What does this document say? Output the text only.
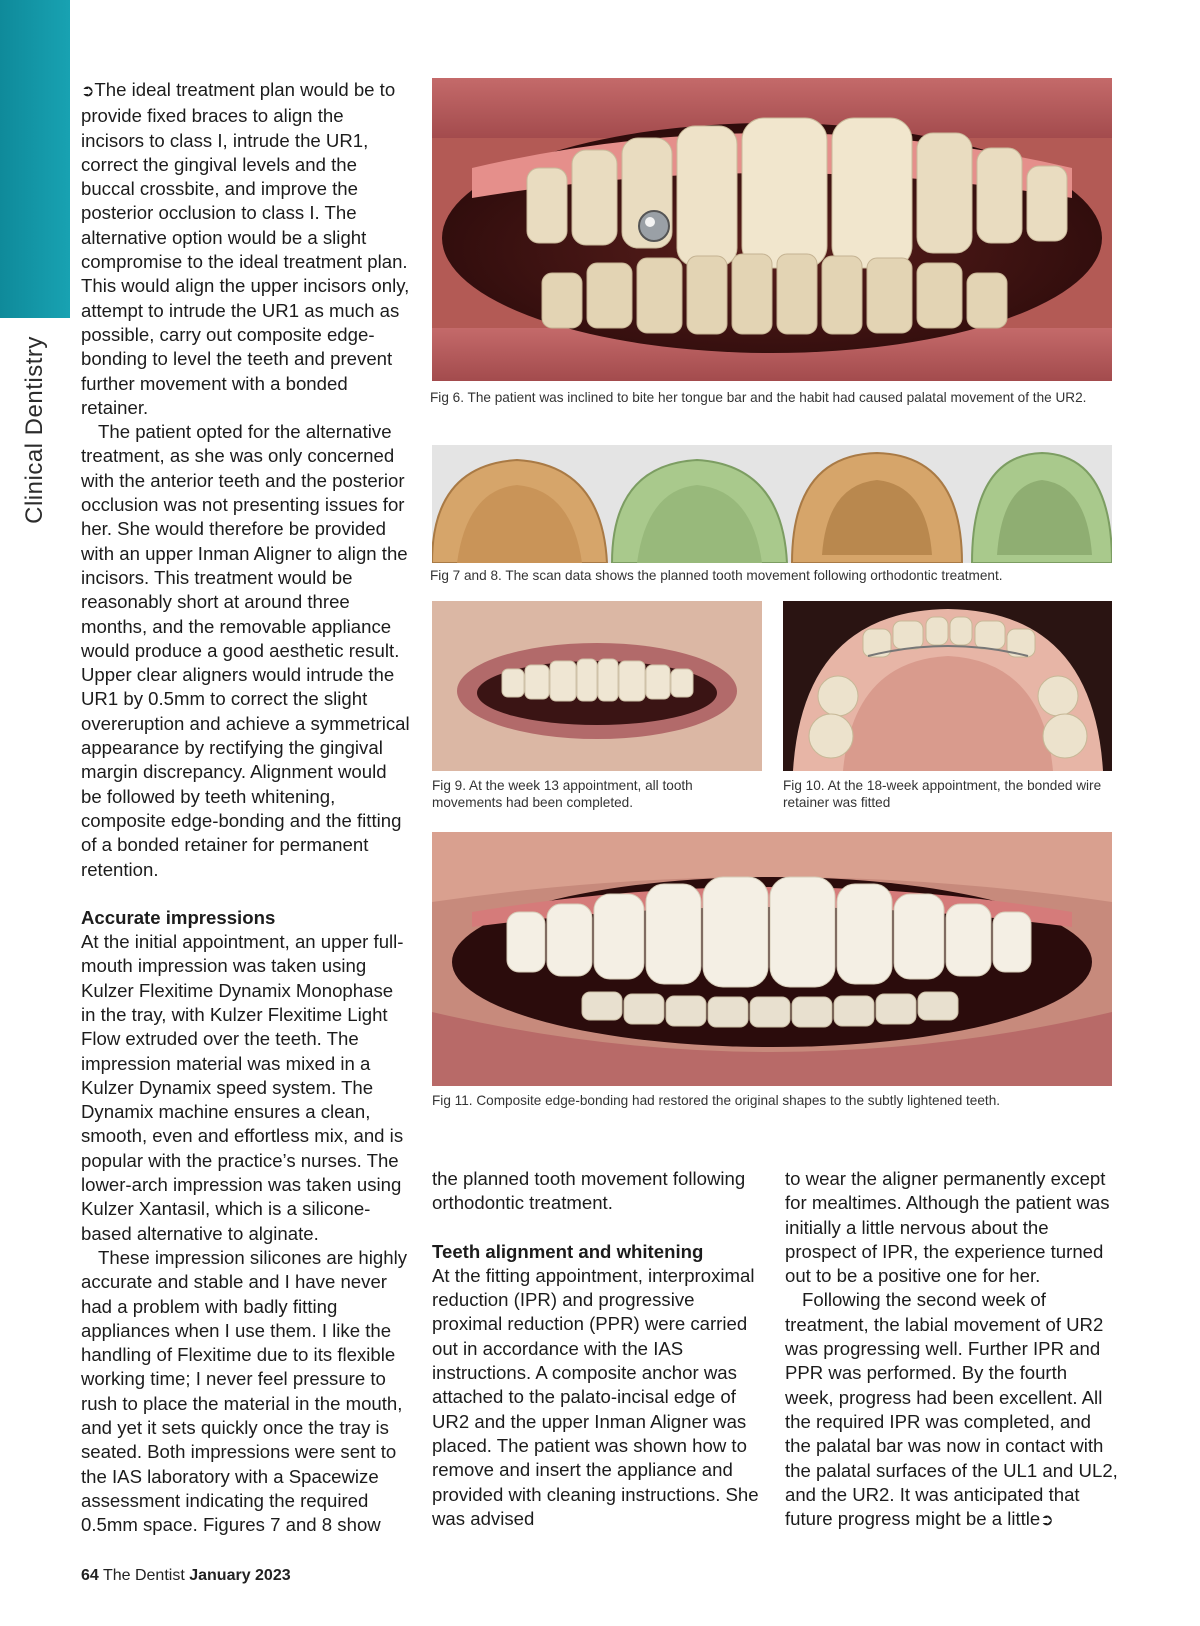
Clinical Dentistry

➲The ideal treatment plan would be to provide fixed braces to align the incisors to class I, intrude the UR1, correct the gingival levels and the buccal crossbite, and improve the posterior occlusion to class I. The alternative option would be a slight compromise to the ideal treatment plan. This would align the upper incisors only, attempt to intrude the UR1 as much as possible, carry out composite edge-bonding to level the teeth and prevent further movement with a bonded retainer.

The patient opted for the alternative treatment, as she was only concerned with the anterior teeth and the posterior occlusion was not presenting issues for her. She would therefore be provided with an upper Inman Aligner to align the incisors. This treatment would be reasonably short at around three months, and the removable appliance would produce a good aesthetic result. Upper clear aligners would intrude the UR1 by 0.5mm to correct the slight overeruption and achieve a symmetrical appearance by rectifying the gingival margin discrepancy. Alignment would be followed by teeth whitening, composite edge-bonding and the fitting of a bonded retainer for permanent retention.

Accurate impressions

At the initial appointment, an upper full-mouth impression was taken using Kulzer Flexitime Dynamix Monophase in the tray, with Kulzer Flexitime Light Flow extruded over the teeth. The impression material was mixed in a Kulzer Dynamix speed system. The Dynamix machine ensures a clean, smooth, even and effortless mix, and is popular with the practice’s nurses. The lower-arch impression was taken using Kulzer Xantasil, which is a silicone-based alternative to alginate.

These impression silicones are highly accurate and stable and I have never had a problem with badly fitting appliances when I use them. I like the handling of Flexitime due to its flexible working time; I never feel pressure to rush to place the material in the mouth, and yet it sets quickly once the tray is seated. Both impressions were sent to the IAS laboratory with a Spacewize assessment indicating the required 0.5mm space. Figures 7 and 8 show

Fig 6. The patient was inclined to bite her tongue bar and the habit had caused palatal movement of the UR2.
Fig 7 and 8. The scan data shows the planned tooth movement following orthodontic treatment.
Fig 9. At the week 13 appointment, all tooth movements had been completed.
Fig 10. At the 18-week appointment, the bonded wire retainer was fitted
Fig 11. Composite edge-bonding had restored the original shapes to the subtly lightened teeth.

the planned tooth movement following orthodontic treatment.

Teeth alignment and whitening

At the fitting appointment, interproximal reduction (IPR) and progressive proximal reduction (PPR) were carried out in accordance with the IAS instructions. A composite anchor was attached to the palato-incisal edge of UR2 and the upper Inman Aligner was placed. The patient was shown how to remove and insert the appliance and provided with cleaning instructions. She was advised

to wear the aligner permanently except for mealtimes. Although the patient was initially a little nervous about the prospect of IPR, the experience turned out to be a positive one for her.

Following the second week of treatment, the labial movement of UR2 was progressing well. Further IPR and PPR was performed. By the fourth week, progress had been excellent. All the required IPR was completed, and the palatal bar was now in contact with the palatal surfaces of the UL1 and UL2, and the UR2. It was anticipated that future progress might be a little➲

64 The Dentist January 2023
